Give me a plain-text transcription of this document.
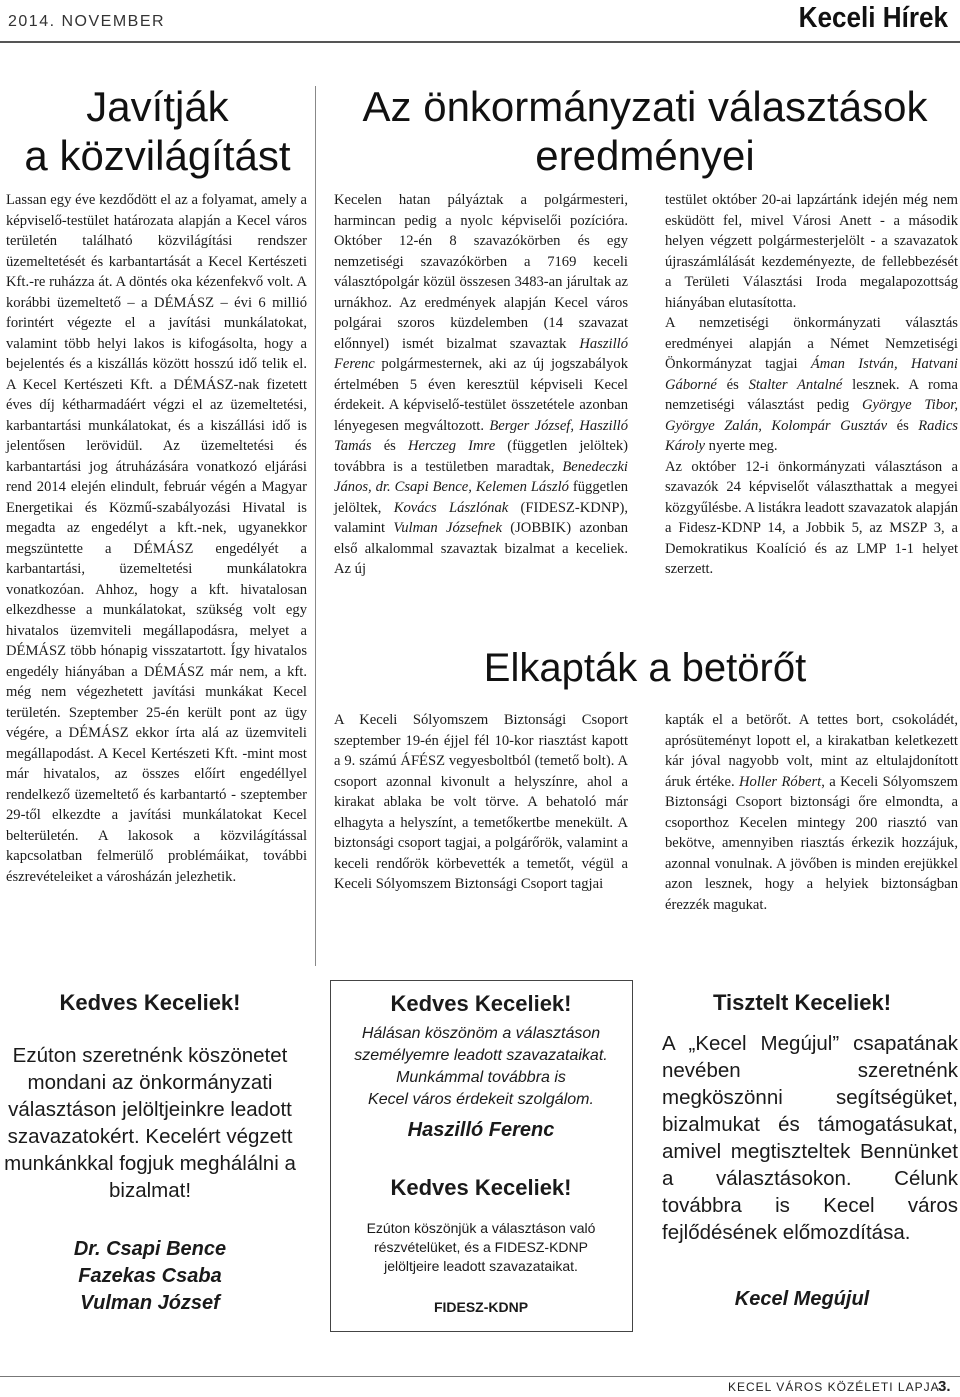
2014. NOVEMBER	Keceli Hírek
Javítják
a közvilágítást
Lassan egy éve kezdődött el az a folyamat, amely a képviselő-testület határozata alapján a Kecel város területén található közvilágítási rendszer üzemeltetését és karbantartását a Kecel Kertészeti Kft.-re ruházza át. A döntés oka kézenfekvő volt. A korábbi üzemeltető – a DÉMÁSZ – évi 6 millió forintért végezte el a javítási munkálatokat, valamint több helyi lakos is kifogásolta, hogy a bejelentés és a kiszállás között hosszú idő telik el. A Kecel Kertészeti Kft. a DÉMÁSZ-nak fizetett éves díj kétharmadáért végzi el az üzemeltetési, karbantartási munkálatokat, és a kiszállási idő is jelentősen lerövidül. Az üzemeltetési és karbantartási jog átruházására vonatkozó eljárási rend 2014 elején elindult, február végén a Magyar Energetikai és Közmű-szabályozási Hivatal is megadta az engedélyt a kft.-nek, ugyanekkor megszüntette a DÉMÁSZ engedélyét a karbantartási, üzemeltetési munkálatokra vonatkozóan. Ahhoz, hogy a kft. hivatalosan elkezdhesse a munkálatokat, szükség volt egy hivatalos üzemviteli megállapodásra, melyet a DÉMÁSZ több hónapig visszatartott. Így hivatalos engedély hiányában a DÉMÁSZ már nem, a kft. még nem végezhetett javítási munkákat Kecel területén. Szeptember 25-én került pont az ügy végére, a DÉMÁSZ ekkor írta alá az üzemviteli megállapodást. A Kecel Kertészeti Kft. -mint most már hivatalos, az összes előírt engedéllyel rendelkező üzemeltető és karbantartó - szeptember 29-től elkezdte a javítási munkálatokat Kecel belterületén. A lakosok a közvilágítással kapcsolatban felmerülő problémáikat, további észrevételeiket a városházán jelezhetik.
Az önkormányzati választások
eredményei

Kecelen hatan pályáztak a polgármesteri, harmincan pedig a nyolc képviselői pozícióra. Október 12-én 8 szavazókörben és egy nemzetiségi szavazókörben a 7169 keceli választópolgár közül összesen 3483-an járultak az urnákhoz. Az eredmények alapján Kecel város polgárai szoros küzdelemben (14 szavazat előnnyel) ismét bizalmat szavaztak Haszilló Ferenc polgármesternek, aki az új jogszabályok értelmében 5 éven keresztül képviseli Kecel érdekeit. A képviselő-testület összetétele azonban lényegesen megváltozott. Berger József, Haszilló Tamás és Herczeg Imre (független jelöltek) továbbra is a testületben maradtak, Benedeczki János, dr. Csapi Bence, Kelemen László független jelöltek, Kovács Lászlónak (FIDESZ-KDNP), valamint Vulman Józsefnek (JOBBIK) azonban első alkalommal szavaztak bizalmat a keceliek. Az új

testület október 20-ai lapzártánk idején még nem esküdött fel, mivel Városi Anett - a második helyen végzett polgármesterjelölt - a szavazatok újraszámlálását kezdeményezte, de fellebbezését a Területi Választási Iroda megalapozottság hiányában elutasította.

A nemzetiségi önkormányzati választás eredményei alapján a Német Nemzetiségi Önkormányzat tagjai Áman István, Hatvani Gáborné és Stalter Antalné lesznek. A roma nemzetiségi választást pedig Györgye Tibor, Györgye Zalán, Kolompár Gusztáv és Radics Károly nyerte meg.

Az október 12-i önkormányzati választáson a szavazók 24 képviselőt választhattak a megyei közgyűlésbe. A listákra leadott szavazatok alapján a Fidesz-KDNP 14, a Jobbik 5, az MSZP 3, a Demokratikus Koalíció és az LMP 1-1 helyet szerzett.

Elkapták a betörőt

A Keceli Sólyomszem Biztonsági Csoport szeptember 19-én éjjel fél 10-kor riasztást kapott a 9. számú ÁFÉSZ vegyesboltból (temető bolt). A csoport azonnal kivonult a helyszínre, ahol a kirakat ablaka be volt törve. A behatoló már elhagyta a helyszínt, a temetőkertbe menekült. A biztonsági csoport tagjai, a polgárőrök, valamint a keceli rendőrök körbevették a temetőt, végül a Keceli Sólyomszem Biztonsági Csoport tagjai

kapták el a betörőt. A tettes bort, csokoládét, aprósüteményt lopott el, a kirakatban keletkezett kár jóval nagyobb volt, mint az eltulajdonított áruk értéke. Holler Róbert, a Keceli Sólyomszem Biztonsági Csoport biztonsági őre elmondta, a csoporthoz Kecelen mintegy 200 riasztó van bekötve, amennyiben riasztás érkezik hozzájuk, azonnal vonulnak. A jövőben is minden erejükkel azon lesznek, hogy a helyiek biztonságban érezzék magukat.

Kedves Keceliek!
Ezúton szeretnénk köszönetet mondani az önkormányzati választáson jelöltjeinkre leadott szavazatokért. Kecelért végzett munkánkkal fogjuk meghálálni a bizalmat!
Dr. Csapi Bence
Fazekas Csaba
Vulman József
Kedves Keceliek!
Hálásan köszönöm a választáson
személyemre leadott szavazataikat.
Munkámmal továbbra is
Kecel város érdekeit szolgálom.
Haszilló Ferenc
Kedves Keceliek!
Ezúton köszönjük a választáson való
részvételüket, és a FIDESZ-KDNP
jelöltjeire leadott szavazataikat.
FIDESZ-KDNP
Tisztelt Keceliek!
A „Kecel Megújul” csapatának nevében szeretnénk megköszönni segítségüket, bizalmukat és támogatásukat, amivel megtiszteltek Bennünket a választásokon. Célunk továbbra is Kecel város fejlődésének előmozdítása.
Kecel Megújul
KECEL VÁROS KÖZÉLETI LAPJA
3.
